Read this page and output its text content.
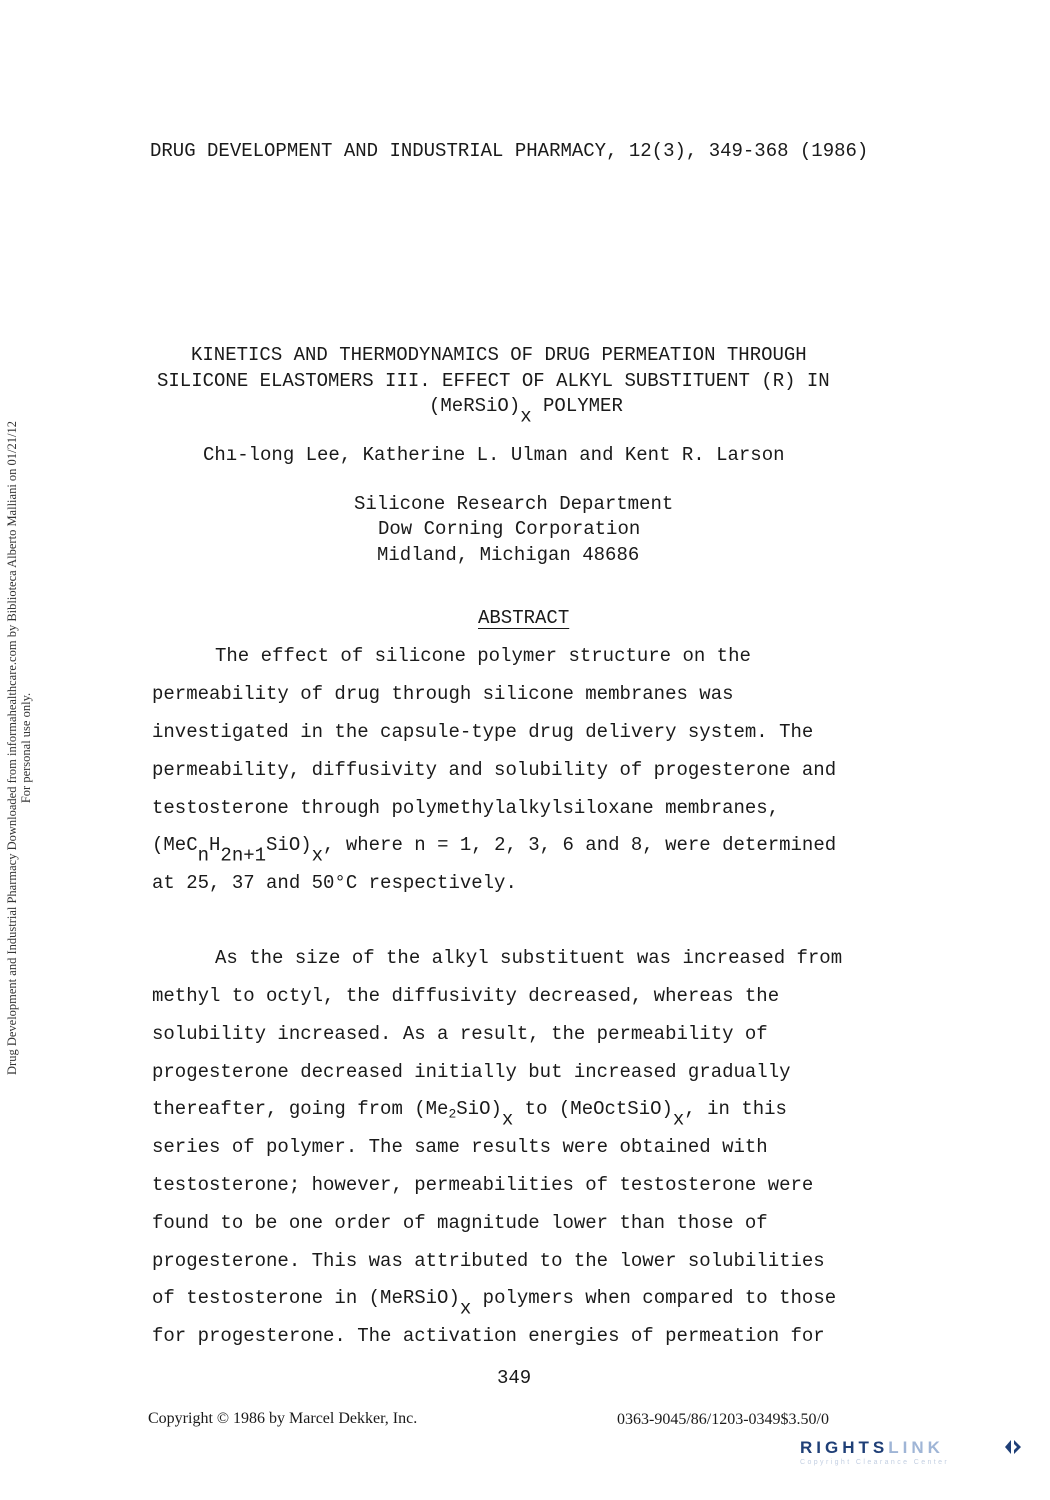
Drug Development and Industrial Pharmacy Downloaded from informahealthcare.com by Biblioteca Alberto Malliani on 01/21/12 For personal use only.
DRUG DEVELOPMENT AND INDUSTRIAL PHARMACY, 12(3), 349-368 (1986)
KINETICS AND THERMODYNAMICS OF DRUG PERMEATION THROUGH
SILICONE ELASTOMERS III. EFFECT OF ALKYL SUBSTITUENT (R) IN
$(MeRSiO)_x$ POLYMER
Chı-long Lee, Katherine L. Ulman and Kent R. Larson
Silicone Research Department
Dow Corning Corporation
Midland, Michigan 48686
ABSTRACT
The effect of silicone polymer structure on the
permeability of drug through silicone membranes was
investigated in the capsule-type drug delivery system. The
permeability, diffusivity and solubility of progesterone and
testosterone through polymethylalkylsiloxane membranes,
$(MeC_nH_{2n+1}SiO)_x$, where n = 1, 2, 3, 6 and 8, were determined
at 25, 37 and 50°C respectively.
As the size of the alkyl substituent was increased from
methyl to octyl, the diffusivity decreased, whereas the
solubility increased. As a result, the permeability of
progesterone decreased initially but increased gradually
thereafter, going from $(Me_2SiO)_x$ to $(MeOctSiO)_x$, in this
series of polymer. The same results were obtained with
testosterone; however, permeabilities of testosterone were
found to be one order of magnitude lower than those of
progesterone. This was attributed to the lower solubilities
of testosterone in $(MeRSiO)_x$ polymers when compared to those
for progesterone. The activation energies of permeation for
349
Copyright © 1986 by Marcel Dekker, Inc.	0363-9045/86/1203-0349$3.50/0
RIGHTSLINK
Copyright Clearance Center
